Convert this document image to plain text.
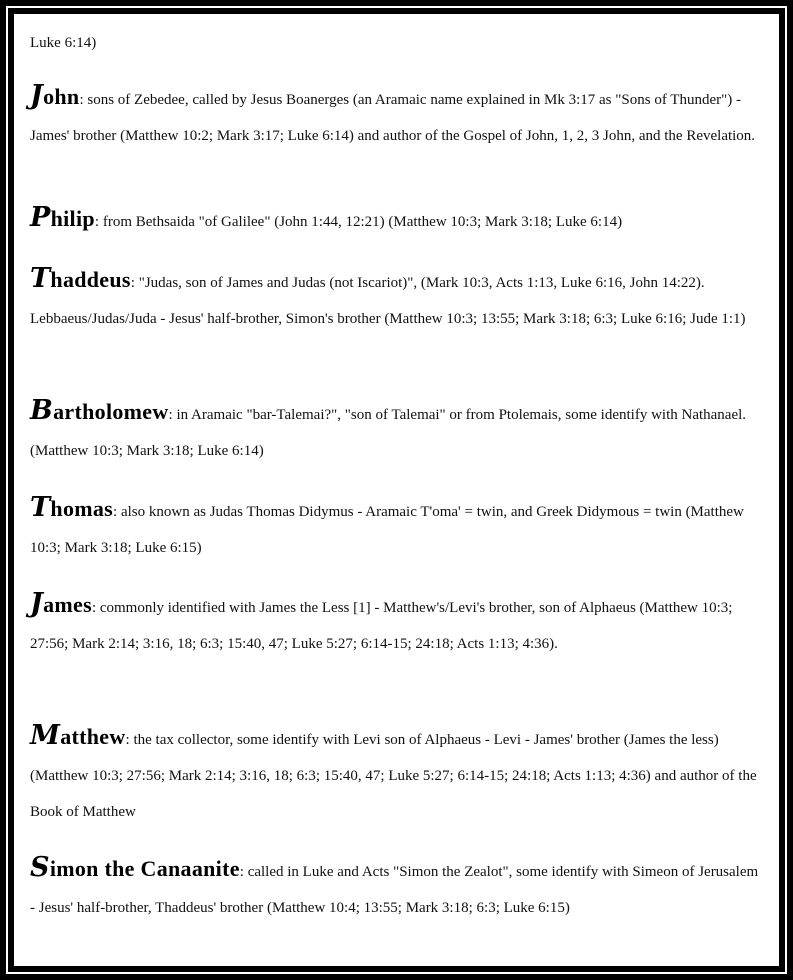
Luke 6:14)

John: sons of Zebedee, called by Jesus Boanerges (an Aramaic name explained in Mk 3:17 as "Sons of Thunder") - James' brother (Matthew 10:2; Mark 3:17; Luke 6:14) and author of the Gospel of John, 1, 2, 3 John, and the Revelation.

Philip: from Bethsaida "of Galilee" (John 1:44, 12:21) (Matthew 10:3; Mark 3:18; Luke 6:14)

Thaddeus: "Judas, son of James and Judas (not Iscariot)", (Mark 10:3, Acts 1:13, Luke 6:16, John 14:22). Lebbaeus/Judas/Juda - Jesus' half-brother, Simon's brother (Matthew 10:3; 13:55; Mark 3:18; 6:3; Luke 6:16; Jude 1:1)

Bartholomew: in Aramaic "bar-Talemai?", "son of Talemai" or from Ptolemais, some identify with Nathanael. (Matthew 10:3; Mark 3:18; Luke 6:14)

Thomas: also known as Judas Thomas Didymus - Aramaic T'oma' = twin, and Greek Didymous = twin (Matthew 10:3; Mark 3:18; Luke 6:15)

James: commonly identified with James the Less [1] - Matthew's/Levi's brother, son of Alphaeus (Matthew 10:3; 27:56; Mark 2:14; 3:16, 18; 6:3; 15:40, 47; Luke 5:27; 6:14-15; 24:18; Acts 1:13; 4:36).

Matthew: the tax collector, some identify with Levi son of Alphaeus - Levi - James' brother (James the less) (Matthew 10:3; 27:56; Mark 2:14; 3:16, 18; 6:3; 15:40, 47; Luke 5:27; 6:14-15; 24:18; Acts 1:13; 4:36) and author of the Book of Matthew

Simon the Canaanite: called in Luke and Acts "Simon the Zealot", some identify with Simeon of Jerusalem - Jesus' half-brother, Thaddeus' brother (Matthew 10:4; 13:55; Mark 3:18; 6:3; Luke 6:15)
